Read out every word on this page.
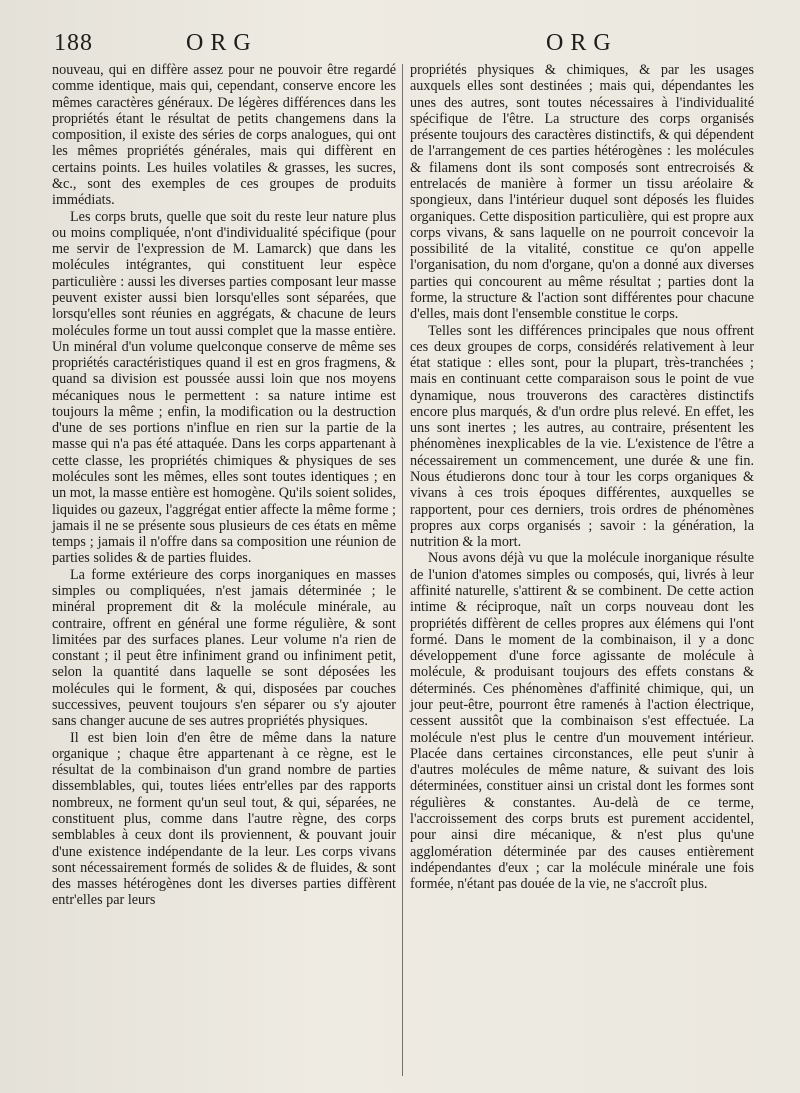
188	ORG	ORG

nouveau, qui en diffère assez pour ne pouvoir être regardé comme identique, mais qui, cependant, conserve encore les mêmes caractères généraux. De légères différences dans les propriétés étant le résultat de petits changemens dans la composition, il existe des séries de corps analogues, qui ont les mêmes propriétés générales, mais qui diffèrent en certains points. Les huiles volatiles & grasses, les sucres, &c., sont des exemples de ces groupes de produits immédiats.

Les corps bruts, quelle que soit du reste leur nature plus ou moins compliquée, n'ont d'individualité spécifique (pour me servir de l'expression de M. Lamarck) que dans les molécules intégrantes, qui constituent leur espèce particulière : aussi les diverses parties composant leur masse peuvent exister aussi bien lorsqu'elles sont séparées, que lorsqu'elles sont réunies en aggrégats, & chacune de leurs molécules forme un tout aussi complet que la masse entière. Un minéral d'un volume quelconque conserve de même ses propriétés caractéristiques quand il est en gros fragmens, & quand sa division est poussée aussi loin que nos moyens mécaniques nous le permettent : sa nature intime est toujours la même ; enfin, la modification ou la destruction d'une de ses portions n'influe en rien sur la partie de la masse qui n'a pas été attaquée. Dans les corps appartenant à cette classe, les propriétés chimiques & physiques de ses molécules sont les mêmes, elles sont toutes identiques ; en un mot, la masse entière est homogène. Qu'ils soient solides, liquides ou gazeux, l'aggrégat entier affecte la même forme ; jamais il ne se présente sous plusieurs de ces états en même temps ; jamais il n'offre dans sa composition une réunion de parties solides & de parties fluides.

La forme extérieure des corps inorganiques en masses simples ou compliquées, n'est jamais déterminée ; le minéral proprement dit & la molécule minérale, au contraire, offrent en général une forme régulière, & sont limitées par des surfaces planes. Leur volume n'a rien de constant ; il peut être infiniment grand ou infiniment petit, selon la quantité dans laquelle se sont déposées les molécules qui le forment, & qui, disposées par couches successives, peuvent toujours s'en séparer ou s'y ajouter sans changer aucune de ses autres propriétés physiques.

Il est bien loin d'en être de même dans la nature organique ; chaque être appartenant à ce règne, est le résultat de la combinaison d'un grand nombre de parties dissemblables, qui, toutes liées entr'elles par des rapports nombreux, ne forment qu'un seul tout, & qui, séparées, ne constituent plus, comme dans l'autre règne, des corps semblables à ceux dont ils proviennent, & pouvant jouir d'une existence indépendante de la leur. Les corps vivans sont nécessairement formés de solides & de fluides, & sont des masses hétérogènes dont les diverses parties diffèrent entr'elles par leurs

propriétés physiques & chimiques, & par les usages auxquels elles sont destinées ; mais qui, dépendantes les unes des autres, sont toutes nécessaires à l'individualité spécifique de l'être. La structure des corps organisés présente toujours des caractères distinctifs, & qui dépendent de l'arrangement de ces parties hétérogènes : les molécules & filamens dont ils sont composés sont entrecroisés & entrelacés de manière à former un tissu aréolaire & spongieux, dans l'intérieur duquel sont déposés les fluides organiques. Cette disposition particulière, qui est propre aux corps vivans, & sans laquelle on ne pourroit concevoir la possibilité de la vitalité, constitue ce qu'on appelle l'organisation, du nom d'organe, qu'on a donné aux diverses parties qui concourent au même résultat ; parties dont la forme, la structure & l'action sont différentes pour chacune d'elles, mais dont l'ensemble constitue le corps.

Telles sont les différences principales que nous offrent ces deux groupes de corps, considérés relativement à leur état statique : elles sont, pour la plupart, très-tranchées ; mais en continuant cette comparaison sous le point de vue dynamique, nous trouverons des caractères distinctifs encore plus marqués, & d'un ordre plus relevé. En effet, les uns sont inertes ; les autres, au contraire, présentent les phénomènes inexplicables de la vie. L'existence de l'être a nécessairement un commencement, une durée & une fin. Nous étudierons donc tour à tour les corps organiques & vivans à ces trois époques différentes, auxquelles se rapportent, pour ces derniers, trois ordres de phénomènes propres aux corps organisés ; savoir : la génération, la nutrition & la mort.

Nous avons déjà vu que la molécule inorganique résulte de l'union d'atomes simples ou composés, qui, livrés à leur affinité naturelle, s'attirent & se combinent. De cette action intime & réciproque, naît un corps nouveau dont les propriétés diffèrent de celles propres aux élémens qui l'ont formé. Dans le moment de la combinaison, il y a donc développement d'une force agissante de molécule à molécule, & produisant toujours des effets constans & déterminés. Ces phénomènes d'affinité chimique, qui, un jour peut-être, pourront être ramenés à l'action électrique, cessent aussitôt que la combinaison s'est effectuée. La molécule n'est plus le centre d'un mouvement intérieur. Placée dans certaines circonstances, elle peut s'unir à d'autres molécules de même nature, & suivant des lois déterminées, constituer ainsi un cristal dont les formes sont régulières & constantes. Au-delà de ce terme, l'accroissement des corps bruts est purement accidentel, pour ainsi dire mécanique, & n'est plus qu'une agglomération déterminée par des causes entièrement indépendantes d'eux ; car la molécule minérale une fois formée, n'étant pas douée de la vie, ne s'accroît plus.
